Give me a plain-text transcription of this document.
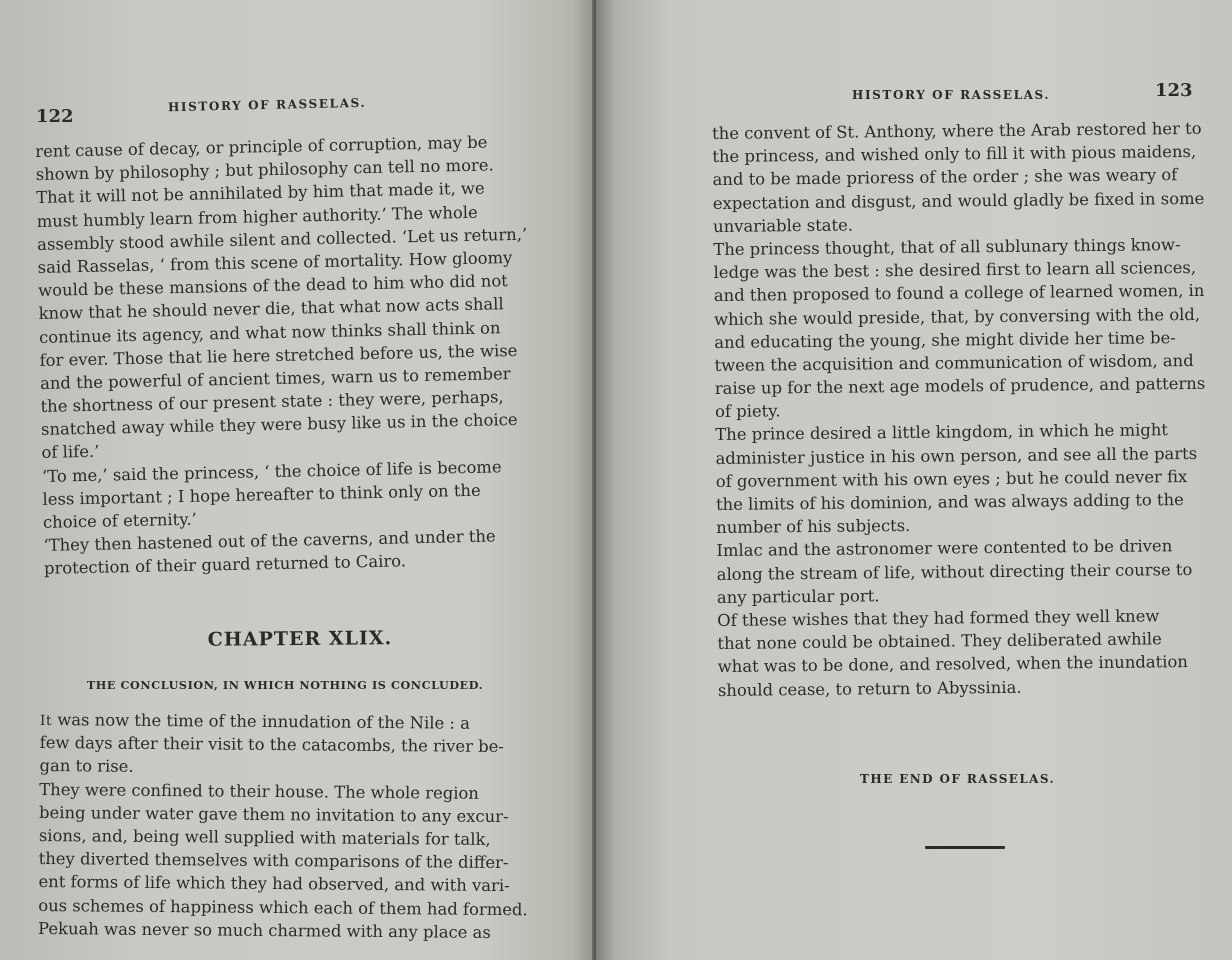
122
HISTORY OF RASSELAS.
rent cause of decay, or principle of corruption, may be
shown by philosophy ; but philosophy can tell no more.
That it will not be annihilated by him that made it, we
must humbly learn from higher authority.’ The whole
assembly stood awhile silent and collected. ‘Let us return,’
said Rasselas, ‘ from this scene of mortality. How gloomy
would be these mansions of the dead to him who did not
know that he should never die, that what now acts shall
continue its agency, and what now thinks shall think on
for ever. Those that lie here stretched before us, the wise
and the powerful of ancient times, warn us to remember
the shortness of our present state : they were, perhaps,
snatched away while they were busy like us in the choice
of life.’
‘To me,’ said the princess, ‘ the choice of life is become
less important ; I hope hereafter to think only on the
choice of eternity.’
‘They then hastened out of the caverns, and under the
protection of their guard returned to Cairo.
CHAPTER XLIX.
THE CONCLUSION, IN WHICH NOTHING IS CONCLUDED.
It was now the time of the innudation of the Nile : a
few days after their visit to the catacombs, the river be-
gan to rise.
They were confined to their house. The whole region
being under water gave them no invitation to any excur-
sions, and, being well supplied with materials for talk,
they diverted themselves with comparisons of the differ-
ent forms of life which they had observed, and with vari-
ous schemes of happiness which each of them had formed.
Pekuah was never so much charmed with any place as
HISTORY OF RASSELAS.	123
the convent of St. Anthony, where the Arab restored her to
the princess, and wished only to fill it with pious maidens,
and to be made prioress of the order ; she was weary of
expectation and disgust, and would gladly be fixed in some
unvariable state.
The princess thought, that of all sublunary things know-
ledge was the best : she desired first to learn all sciences,
and then proposed to found a college of learned women, in
which she would preside, that, by conversing with the old,
and educating the young, she might divide her time be-
tween the acquisition and communication of wisdom, and
raise up for the next age models of prudence, and patterns
of piety.
The prince desired a little kingdom, in which he might
administer justice in his own person, and see all the parts
of government with his own eyes ; but he could never fix
the limits of his dominion, and was always adding to the
number of his subjects.
Imlac and the astronomer were contented to be driven
along the stream of life, without directing their course to
any particular port.
Of these wishes that they had formed they well knew
that none could be obtained. They deliberated awhile
what was to be done, and resolved, when the inundation
should cease, to return to Abyssinia.
THE END OF RASSELAS.
